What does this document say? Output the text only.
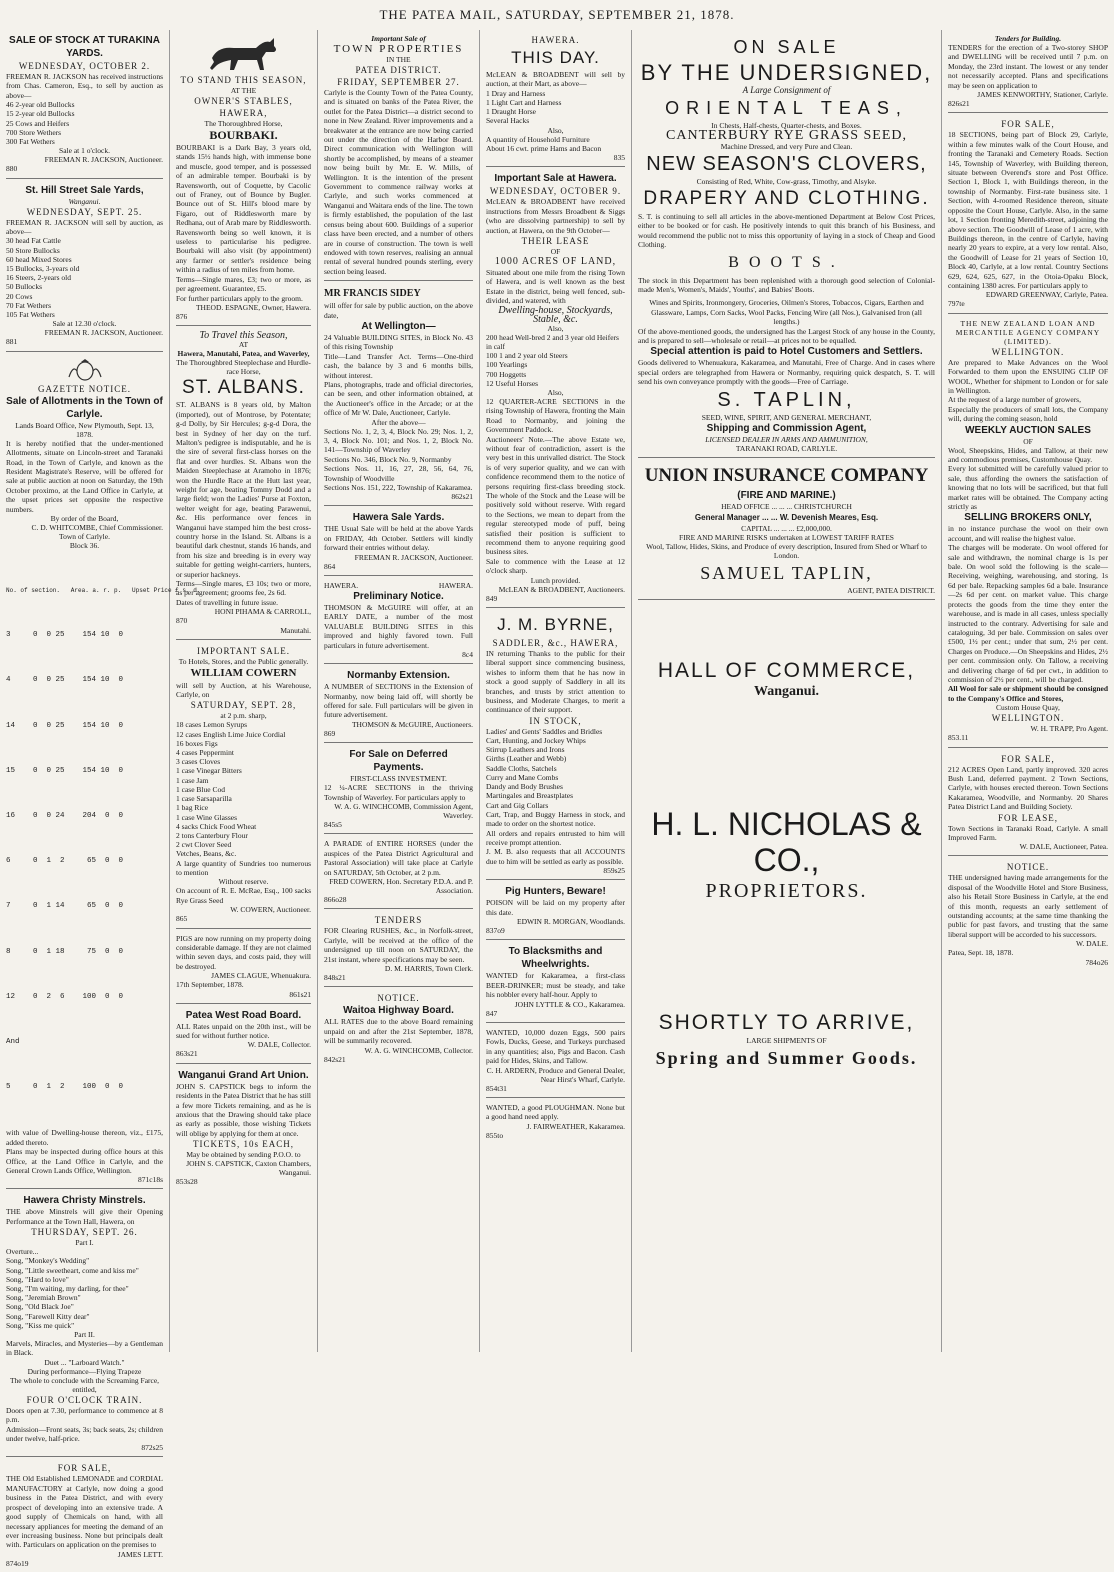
THE PATEA MAIL, SATURDAY, SEPTEMBER 21, 1878.
SALE OF STOCK AT TURAKINA YARDS.
WEDNESDAY, OCTOBER 2.
FREEMAN R. JACKSON has received instructions from Chas. Cameron, Esq., to sell by auction as above—
46 2-year old Bullocks
15 2-year old Bullocks
25 Cows and Heifers
700 Store Wethers
300 Fat Wethers
Sale at 1 o'clock.
FREEMAN R. JACKSON, Auctioneer.
880
St. Hill Street Sale Yards,
Wanganui.
WEDNESDAY, SEPT. 25.
FREEMAN R. JACKSON will sell by auction, as above—
30 head Fat Cattle
50 Store Bullocks
60 head Mixed Stores
15 Bullocks, 3-years old
16 Steers, 2-years old
50 Bullocks
20 Cows
70 Fat Wethers
105 Fat Wethers
Sale at 12.30 o'clock.
FREEMAN R. JACKSON, Auctioneer.
881
GAZETTE NOTICE.
Sale of Allotments in the Town of Carlyle.
Lands Board Office, New Plymouth, Sept. 13, 1878.
It is hereby notified that the under-mentioned Allotments, situate on Lincoln-street and Taranaki Road, in the Town of Carlyle, and known as the Resident Magistrate's Reserve, will be offered for sale at public auction at noon on Saturday, the 19th October proximo, at the Land Office in Carlyle, at the upset prices set opposite the respective numbers.
By order of the Board,
C. D. WHITCOMBE, Chief Commissioner.
Town of Carlyle.
Block 36.

No. of section.   Area. a. r. p.   Upset Price £ s. d.

3     0  0 25    154 10  0

4     0  0 25    154 10  0

14    0  0 25    154 10  0

15    0  0 25    154 10  0

16    0  0 24    204  0  0

6     0  1  2     65  0  0

7     0  1 14     65  0  0

8     0  1 18     75  0  0

12    0  2  6    100  0  0

And

5     0  1  2    100  0  0

with value of Dwelling-house thereon, viz., £175, added thereto.
Plans may be inspected during office hours at this Office, at the Land Office in Carlyle, and the General Crown Lands Office, Wellington.
871c18s
Hawera Christy Minstrels.
THE above Minstrels will give their Opening Performance at the Town Hall, Hawera, on
THURSDAY, SEPT. 26.
Part I.
Overture...
Song, "Monkey's Wedding"
Song, "Little sweetheart, come and kiss me"
Song, "Hard to love"
Song, "I'm waiting, my darling, for thee"
Song, "Jeremiah Brown"
Song, "Old Black Joe"
Song, "Farewell Kitty dear"
Song, "Kiss me quick"
Part II.
Marvels, Miracles, and Mysteries—by a Gentleman in Black.
Duet ... "Larboard Watch."
During performance—Flying Trapeze
The whole to conclude with the Screaming Farce, entitled,
FOUR O'CLOCK TRAIN.
Doors open at 7.30, performance to commence at 8 p.m.
Admission—Front seats, 3s; back seats, 2s; children under twelve, half-price.
872s25
FOR SALE,
THE Old Established LEMONADE and CORDIAL MANUFACTORY at Carlyle, now doing a good business in the Patea District, and with every prospect of developing into an extensive trade. A good supply of Chemicals on hand, with all necessary appliances for meeting the demand of an ever increasing business. None but principals dealt with. Particulars on application on the premises to
JAMES LETT.
874o19
TO STAND THIS SEASON,
AT THE
OWNER'S STABLES, HAWERA,
The Thoroughbred Horse,
BOURBAKI.
BOURBAKI is a Dark Bay, 3 years old, stands 15½ hands high, with immense bone and muscle, good temper, and is possessed of an admirable temper. Bourbaki is by Ravensworth, out of Coquette, by Cacolic out of Franey, out of Bounce by Bugler. Bounce out of St. Hill's blood mare by Figaro, out of Riddlesworth mare by Redhana, out of Arab mare by Riddlesworth. Ravensworth being so well known, it is useless to particularise his pedigree. Bourbaki will also visit (by appointment) any farmer or settler's residence being within a radius of ten miles from home.
Terms—Single mares, £3; two or more, as per agreement. Guarantee, £5.
For further particulars apply to the groom.
THEOD. ESPAGNE, Owner, Hawera.
876
To Travel this Season,
AT
Hawera, Manutahi, Patea, and Waverley,
The Thoroughbred Steeplechase and Hurdle-race Horse,
ST. ALBANS.
ST. ALBANS is 8 years old, by Malton (imported), out of Montrose, by Potentate; g-d Dolly, by Sir Hercules; g-g-d Dora, the best in Sydney of her day on the turf. Malton's pedigree is indisputable, and he is the sire of several first-class horses on the flat and over hurdles. St. Albans won the Maiden Steeplechase at Aramoho in 1876; won the Hurdle Race at the Hutt last year, weight for age, beating Tommy Dodd and a large field; won the Ladies' Purse at Foxton, welter weight for age, beating Parawenui, &c. His performance over fences in Wanganui have stamped him the best cross-country horse in the Island. St. Albans is a beautiful dark chestnut, stands 16 hands, and from his size and breeding is in every way suitable for getting weight-carriers, hunters, or superior hackneys.
Terms—Single mares, £3 10s; two or more, as per agreement; grooms fee, 2s 6d.
Dates of travelling in future issue.
HONI PIHAMA & CARROLL,
870
Manutahi.
IMPORTANT SALE.
To Hotels, Stores, and the Public generally.
WILLIAM COWERN
will sell by Auction, at his Warehouse, Carlyle, on
SATURDAY, SEPT. 28,
at 2 p.m. sharp,
18 cases Lemon Syrups
12 cases English Lime Juice Cordial
16 boxes Figs
4 cases Peppermint
3 cases Cloves
1 case Vinegar Bitters
1 case Jam
1 case Blue Cod
1 case Sarsaparilla
1 bag Rice
1 case Wine Glasses
4 sacks Chick Food Wheat
2 tons Canterbury Flour
2 cwt Clover Seed
Vetches, Beans, &c.
A large quantity of Sundries too numerous to mention
Without reserve.
On account of R. E. McRae, Esq., 100 sacks Rye Grass Seed
W. COWERN, Auctioneer.
865
PIGS are now running on my property doing considerable damage. If they are not claimed within seven days, and costs paid, they will be destroyed.
JAMES CLAGUE, Whenuakura.
17th September, 1878.
861s21
Patea West Road Board.
ALL Rates unpaid on the 20th inst., will be sued for without further notice.
W. DALE, Collector.
863s21
Wanganui Grand Art Union.
JOHN S. CAPSTICK begs to inform the residents in the Patea District that he has still a few more Tickets remaining, and as he is anxious that the Drawing should take place as early as possible, those wishing Tickets will oblige by applying for them at once.
TICKETS, 10s EACH,
May be obtained by sending P.O.O. to
JOHN S. CAPSTICK, Caxton Chambers, Wanganui.
853s28
Important Sale of
TOWN PROPERTIES
IN THE
PATEA DISTRICT.
FRIDAY, SEPTEMBER 27.
Carlyle is the County Town of the Patea County, and is situated on banks of the Patea River, the outlet for the Patea District—a district second to none in New Zealand. River improvements and a breakwater at the entrance are now being carried out under the direction of the Harbor Board. Direct communication with Wellington will shortly be accomplished, by means of a steamer now being built by Mr. E. W. Mills, of Wellington. It is the intention of the present Government to commence railway works at Carlyle, and such works commenced at Wanganui and Waitara ends of the line. The town is firmly established, the population of the last census being about 600. Buildings of a superior class have been erected, and a number of others are in course of construction. The town is well endowed with town reserves, realising an annual rental of several hundred pounds sterling, every section being leased.
MR FRANCIS SIDEY
will offer for sale by public auction, on the above date,
At Wellington—
24 Valuable BUILDING SITES, in Block No. 43 of this rising Township
Title—Land Transfer Act. Terms—One-third cash, the balance by 3 and 6 months bills, without interest.
Plans, photographs, trade and official directories, can be seen, and other information obtained, at the Auctioneer's office in the Arcade; or at the office of Mr W. Dale, Auctioneer, Carlyle.
After the above—
Sections No. 1, 2, 3, 4, Block No. 29; Nos. 1, 2, 3, 4, Block No. 101; and Nos. 1, 2, Block No. 141—Township of Waverley
Sections No. 346, Block No. 9, Normanby
Sections Nos. 11, 16, 27, 28, 56, 64, 76, Township of Woodville
Sections Nos. 151, 222, Township of Kakaramea.
862s21
Hawera Sale Yards.
THE Usual Sale will be held at the above Yards on FRIDAY, 4th October. Settlers will kindly forward their entries without delay.
FREEMAN R. JACKSON, Auctioneer.
864
HAWERA.	HAWERA.
Preliminary Notice.
THOMSON & McGUIRE will offer, at an EARLY DATE, a number of the most VALUABLE BUILDING SITES in this improved and highly favored town. Full particulars in future advertisement.
8c4
Normanby Extension.
A NUMBER of SECTIONS in the Extension of Normanby, now being laid off, will shortly be offered for sale. Full particulars will be given in future advertisement.
THOMSON & McGUIRE, Auctioneers.
869
For Sale on Deferred Payments.
FIRST-CLASS INVESTMENT.
12 ¼-ACRE SECTIONS in the thriving Township of Waverley. For particulars apply to
W. A. G. WINCHCOMB, Commission Agent, Waverley.
845s5
A PARADE of ENTIRE HORSES (under the auspices of the Patea District Agricultural and Pastoral Association) will take place at Carlyle on SATURDAY, 5th October, at 2 p.m.
FRED COWERN, Hon. Secretary P.D.A. and P. Association.
866o28
TENDERS
FOR Clearing RUSHES, &c., in Norfolk-street, Carlyle, will be received at the office of the undersigned up till noon on SATURDAY, the 21st instant, where specifications may be seen.
D. M. HARRIS, Town Clerk.
848s21
NOTICE.
Waitoa Highway Board.
ALL RATES due to the above Board remaining unpaid on and after the 21st September, 1878, will be summarily recovered.
W. A. G. WINCHCOMB, Collector.
842s21
HAWERA.
THIS DAY.
McLEAN & BROADBENT will sell by auction, at their Mart, as above—
1 Dray and Harness
1 Light Cart and Harness
1 Draught Horse
Several Hacks
Also,
A quantity of Household Furniture
About 16 cwt. prime Hams and Bacon
835
Important Sale at Hawera.
WEDNESDAY, OCTOBER 9.
McLEAN & BROADBENT have received instructions from Messrs Broadbent & Siggs (who are dissolving partnership) to sell by auction, at Hawera, on the 9th October—
THEIR LEASE
OF
1000 ACRES OF LAND,
Situated about one mile from the rising Town of Hawera, and is well known as the best Estate in the district, being well fenced, sub-divided, and watered, with
Dwelling-house, Stockyards, Stable, &c.
Also,
200 head Well-bred 2 and 3 year old Heifers in calf
100 1 and 2 year old Steers
100 Yearlings
700 Hoggetts
12 Useful Horses
Also,
12 QUARTER-ACRE SECTIONS in the rising Township of Hawera, fronting the Main Road to Normanby, and joining the Government Paddock.
Auctioneers' Note.—The above Estate we, without fear of contradiction, assert is the very best in this unrivalled district. The Stock is of very superior quality, and we can with confidence recommend them to the notice of persons requiring first-class breeding stock. The whole of the Stock and the Lease will be positively sold without reserve. With regard to the Sections, we mean to depart from the regular stereotyped mode of puff, being satisfied their position is sufficient to recommend them to anyone requiring good business sites.
Sale to commence with the Lease at 12 o'clock sharp.
Lunch provided.
McLEAN & BROADBENT, Auctioneers.
849
J. M. BYRNE,
SADDLER, &c., HAWERA,
IN returning Thanks to the public for their liberal support since commencing business, wishes to inform them that he has now in stock a good supply of Saddlery in all its branches, and trusts by strict attention to business, and Moderate Charges, to merit a continuance of their support.
IN STOCK,
Ladies' and Gents' Saddles and Bridles
Cart, Hunting, and Jockey Whips
Stirrup Leathers and Irons
Girths (Leather and Webb)
Saddle Cloths, Satchels
Curry and Mane Combs
Dandy and Body Brushes
Martingales and Breastplates
Cart and Gig Collars
Cart, Trap, and Buggy Harness in stock, and made to order on the shortest notice.
All orders and repairs entrusted to him will receive prompt attention.
J. M. B. also requests that all ACCOUNTS due to him will be settled as early as possible.
859s25
Pig Hunters, Beware!
POISON will be laid on my property after this date.
EDWIN R. MORGAN, Woodlands.
837o9
To Blacksmiths and Wheelwrights.
WANTED for Kakaramea, a first-class BEER-DRINKER; must be steady, and take his nobbler every half-hour. Apply to
JOHN LYTTLE & CO., Kakaramea.
847
WANTED, 10,000 dozen Eggs, 500 pairs Fowls, Ducks, Geese, and Turkeys purchased in any quantities; also, Pigs and Bacon. Cash paid for Hides, Skins, and Tallow.
C. H. ARDERN, Produce and General Dealer, Near Hirst's Wharf, Carlyle.
854t31
WANTED, a good PLOUGHMAN. None but a good hand need apply.
J. FAIRWEATHER, Kakaramea.
855to
ON SALE
BY THE UNDERSIGNED,
A Large Consignment of
ORIENTAL TEAS,
In Chests, Half-chests, Quarter-chests, and Boxes.
CANTERBURY RYE GRASS SEED,
Machine Dressed, and very Pure and Clean.
NEW SEASON'S CLOVERS,
Consisting of Red, White, Cow-grass, Timothy, and Alsyke.
DRAPERY AND CLOTHING.
S. T. is continuing to sell all articles in the above-mentioned Department at Below Cost Prices, either to be booked or for cash. He positively intends to quit this branch of his Business, and would recommend the public not to miss this opportunity of laying in a stock of Cheap and Good Clothing.
BOOTS.
The stock in this Department has been replenished with a thorough good selection of Colonial-made Men's, Women's, Maids', Youths', and Babies' Boots.
Wines and Spirits, Ironmongery, Groceries, Oilmen's Stores, Tobaccos, Cigars, Earthen and Glassware, Lamps, Corn Sacks, Wool Packs, Fencing Wire (all Nos.), Galvanised Iron (all lengths.)
Of the above-mentioned goods, the undersigned has the Largest Stock of any house in the County, and is prepared to sell—wholesale or retail—at prices not to be equalled.
Special attention is paid to Hotel Customers and Settlers.
Goods delivered to Whenuakura, Kakaramea, and Manutahi, Free of Charge. And in cases where special orders are telegraphed from Hawera or Normanby, requiring quick despatch, S. T. will send his own conveyance promptly with the goods—Free of Carriage.
S. TAPLIN,
SEED, WINE, SPIRIT, AND GENERAL MERCHANT,
Shipping and Commission Agent,
LICENSED DEALER IN ARMS AND AMMUNITION,
TARANAKI ROAD, CARLYLE.
UNION INSURANCE COMPANY
(FIRE AND MARINE.)
HEAD OFFICE ... ... ... CHRISTCHURCH
General Manager ... ... W. Devenish Meares, Esq.
CAPITAL ... ... ... £2,000,000.
FIRE AND MARINE RISKS undertaken at LOWEST TARIFF RATES
Wool, Tallow, Hides, Skins, and Produce of every description, Insured from Shed or Wharf to London.
SAMUEL TAPLIN,
AGENT, PATEA DISTRICT.
HALL OF COMMERCE,
Wanganui.
H. L. NICHOLAS & CO.,
PROPRIETORS.
SHORTLY TO ARRIVE,
LARGE SHIPMENTS OF
Spring and Summer Goods.
Tenders for Building.
TENDERS for the erection of a Two-storey SHOP and DWELLING will be received until 7 p.m. on Monday, the 23rd instant. The lowest or any tender not necessarily accepted. Plans and specifications may be seen on application to
JAMES KENWORTHY, Stationer, Carlyle.
826s21
FOR SALE,
18 SECTIONS, being part of Block 29, Carlyle, within a few minutes walk of the Court House, and fronting the Taranaki and Cemetery Roads. Section 145, Township of Waverley, with Building thereon, situate between Overend's store and Post Office. Section 1, Block 1, with Buildings thereon, in the township of Normanby. First-rate business site. 1 Section, with 4-roomed Residence thereon, situate opposite the Court House, Carlyle. Also, in the same lot, 1 Section fronting Meredith-street, adjoining the above section. The Goodwill of Lease of 1 acre, with Buildings thereon, in the centre of Carlyle, having nearly 20 years to expire, at a very low rental. Also, the Goodwill of Lease for 21 years of Section 10, Block 40, Carlyle, at a low rental. Country Sections 629, 624, 625, 627, in the Otoia-Opaku Block, containing 1380 acres. For particulars apply to
EDWARD GREENWAY, Carlyle, Patea.
797te
THE NEW ZEALAND LOAN AND MERCANTILE AGENCY COMPANY (LIMITED).
WELLINGTON.
Are prepared to Make Advances on the Wool Forwarded to them upon the ENSUING CLIP OF WOOL, Whether for shipment to London or for sale in Wellington.
At the request of a large number of growers,
Especially the producers of small lots, the Company will, during the coming season, hold
WEEKLY AUCTION SALES
OF
Wool, Sheepskins, Hides, and Tallow, at their new and commodious premises, Customhouse Quay.
Every lot submitted will be carefully valued prior to sale, thus affording the owners the satisfaction of knowing that no lots will be sacrificed, but that full market rates will be obtained. The Company acting strictly as
SELLING BROKERS ONLY,
in no instance purchase the wool on their own account, and will realise the highest value.
The charges will be moderate. On wool offered for sale and withdrawn, the nominal charge is 1s per bale. On wool sold the following is the scale—Receiving, weighing, warehousing, and storing, 1s 6d per bale. Repacking samples 6d a bale. Insurance—2s 6d per cent. on market value. This charge protects the goods from the time they enter the warehouse, and is made in all cases, unless specially instructed to the contrary. Advertising for sale and cataloguing, 3d per bale. Commission on sales over £500, 1½ per cent.; under that sum, 2½ per cent. Charges on Produce.—On Sheepskins and Hides, 2½ per cent. commission only. On Tallow, a receiving and delivering charge of 6d per cwt., in addition to commission of 2½ per cent., will be charged.
All Wool for sale or shipment should be consigned to the Company's Office and Stores,
Custom House Quay,
WELLINGTON.
W. H. TRAPP, Pro Agent.
853.11
FOR SALE,
212 ACRES Open Land, partly improved. 320 acres Bush Land, deferred payment. 2 Town Sections, Carlyle, with houses erected thereon. Town Sections Kakaramea, Woodville, and Normanby. 20 Shares Patea District Land and Building Society.
FOR LEASE,
Town Sections in Taranaki Road, Carlyle. A small Improved Farm.
W. DALE, Auctioneer, Patea.
NOTICE.
THE undersigned having made arrangements for the disposal of the Woodville Hotel and Store Business, also his Retail Store Business in Carlyle, at the end of this month, requests an early settlement of outstanding accounts; at the same time thanking the public for past favors, and trusting that the same liberal support will be accorded to his successors.
W. DALE.
Patea, Sept. 18, 1878.
784o26
